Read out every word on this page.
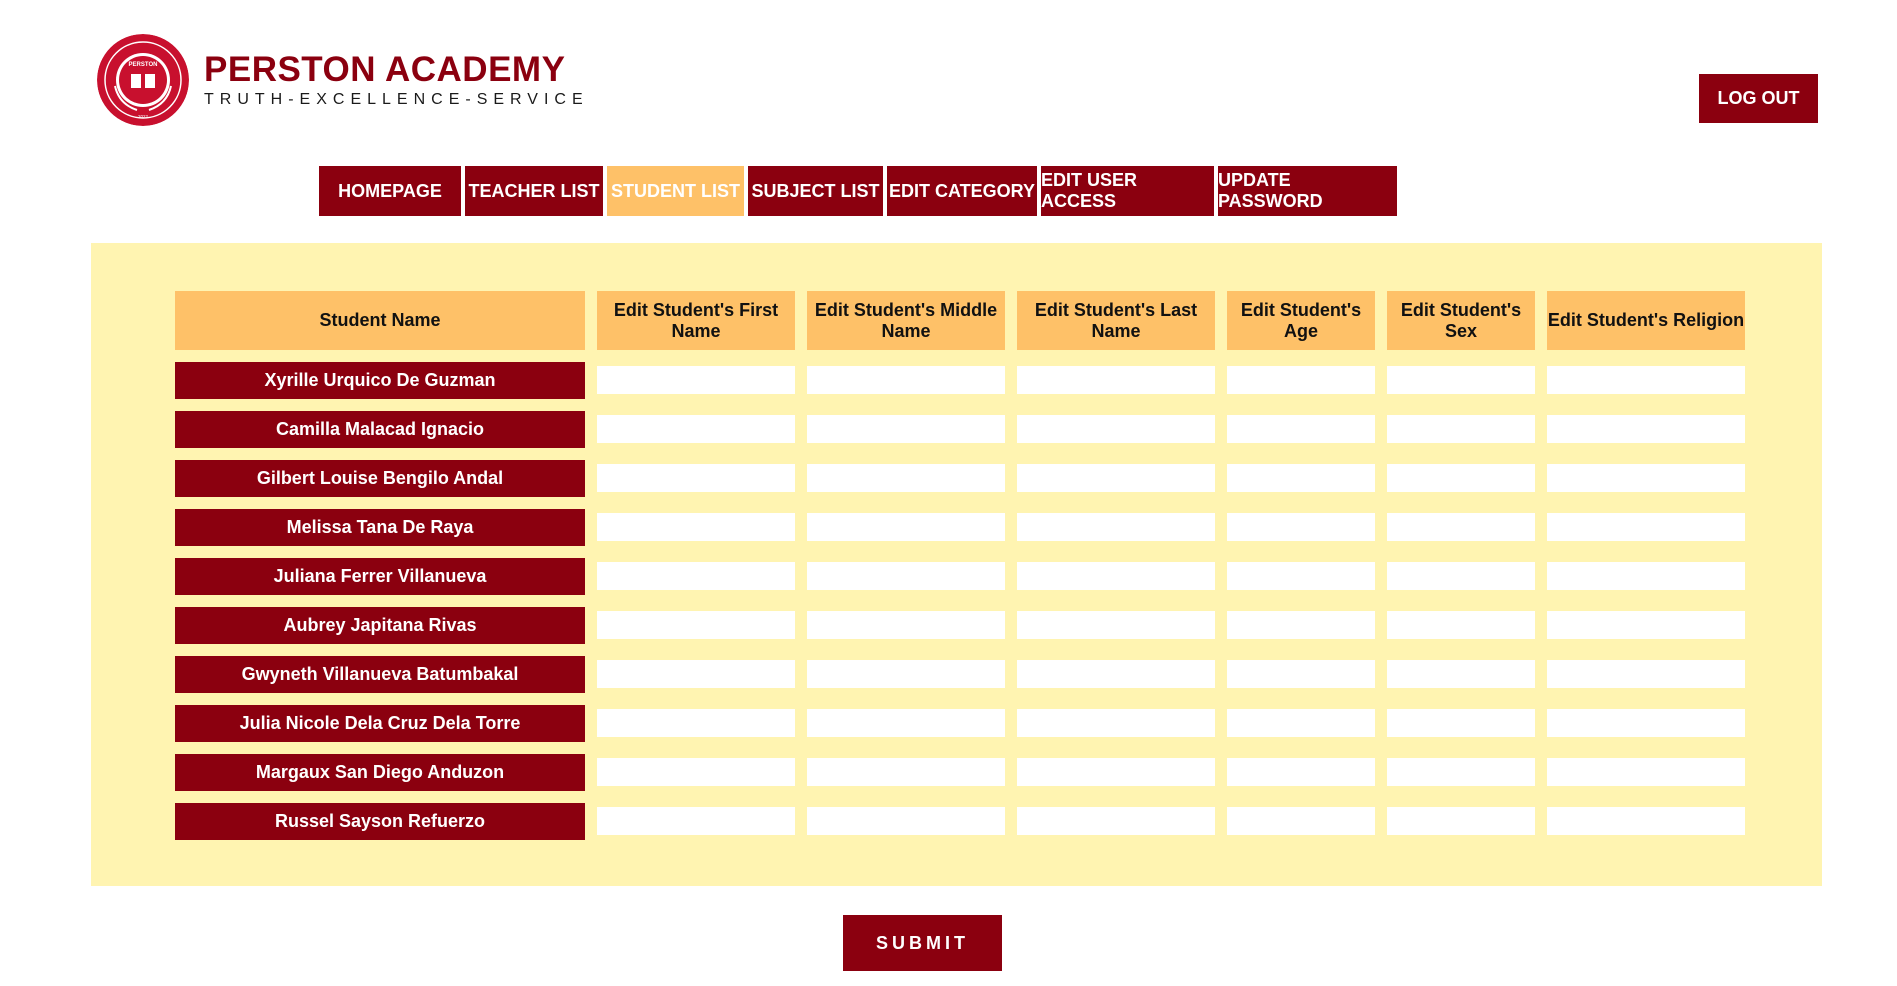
PERSTON
2022
PERSTON ACADEMY
TRUTH-EXCELLENCE-SERVICE	LOG OUT
HOMEPAGE	TEACHER LIST STUDENT LIST SUBJECT LIST EDIT CATEGORY
EDIT USER ACCESS
UPDATE PASSWORD
Student Name
Edit Student's First Name
Edit Student's Middle Name
Edit Student's Last Name
Edit Student's Age
Edit Student's Sex
Edit Student's Religion
Xyrille Urquico De Guzman
Camilla Malacad Ignacio
Gilbert Louise Bengilo Andal
Melissa Tana De Raya
Juliana Ferrer Villanueva
Aubrey Japitana Rivas
Gwyneth Villanueva Batumbakal
Julia Nicole Dela Cruz Dela Torre
Margaux San Diego Anduzon
Russel Sayson Refuerzo
SUBMIT
